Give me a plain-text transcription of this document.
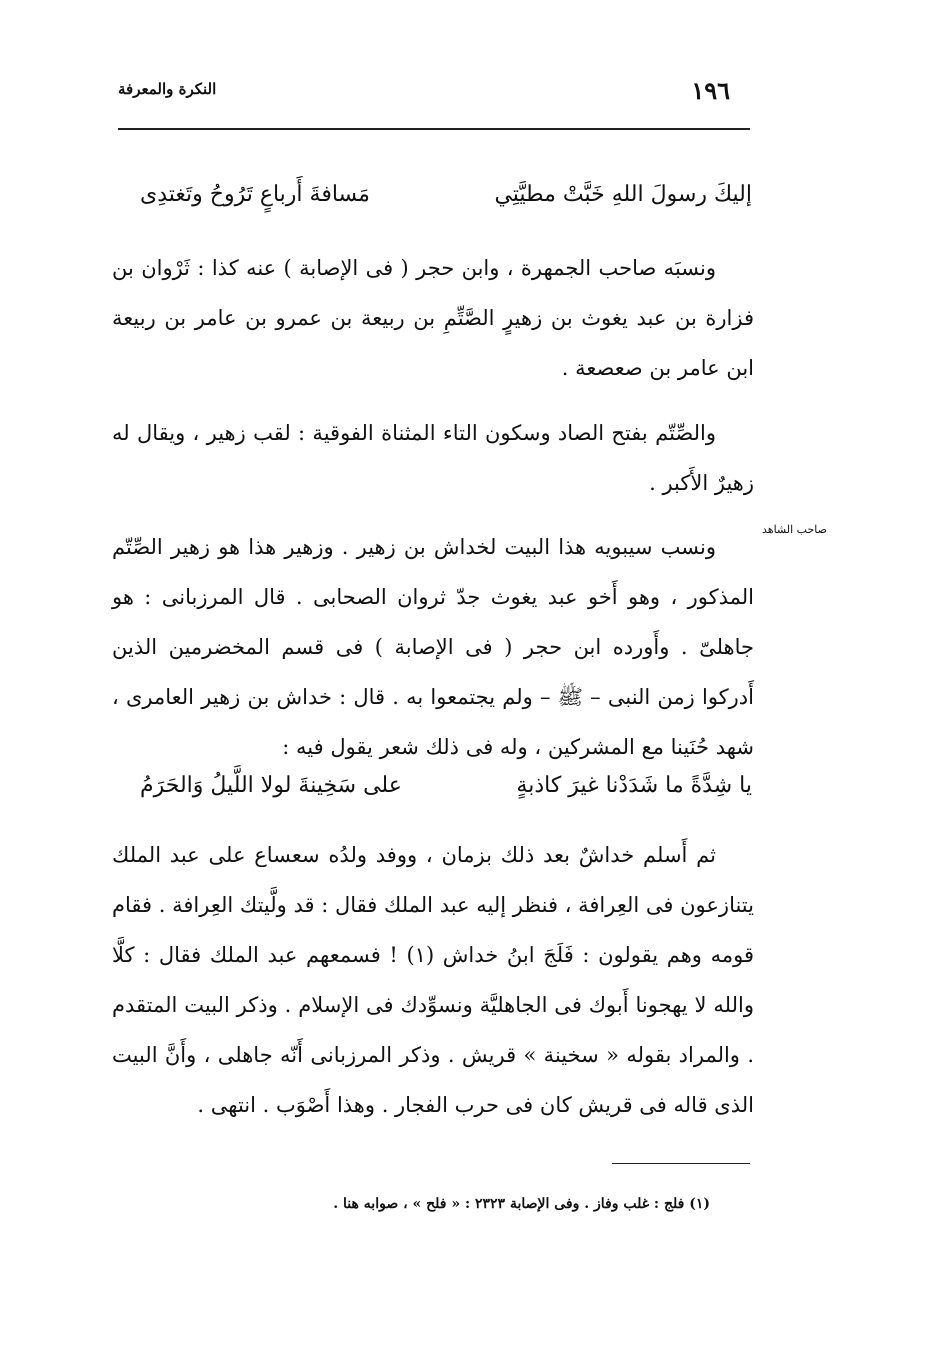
١٩٦
النكرة والمعرفة
إليكَ رسولَ اللهِ خَبَّتْ مطيَّتِي
مَسافةَ أَرباعٍ تَرُوحُ وتَغتدِى

ونسبَه صاحب الجمهرة ، وابن حجر ( فى الإصابة ) عنه كذا : ثَرْوان بن فزارة بن عبد يغوث بن زهيرٍ الصَّتِّمِ بن ربيعة بن عمرو بن عامر بن ربيعة ابن عامر بن صعصعة .

والصِّتّم بفتح الصاد وسكون التاء المثناة الفوقية : لقب زهير ، ويقال له زهيرٌ الأَكبر .

صاحب الشاهد

ونسب سيبويه هذا البيت لخداش بن زهير . وزهير هذا هو زهير الصِّتّم المذكور ، وهو أَخو عبد يغوث جدّ ثروان الصحابى . قال المرزبانى : هو جاهلىّ . وأَورده ابن حجر ( فى الإصابة ) فى قسم المخضرمين الذين أَدركوا زمن النبى – ﷺ – ولم يجتمعوا به . قال : خداش بن زهير العامرى ، شهد حُنَينا مع المشركين ، وله فى ذلك شعر يقول فيه :

يا شِدَّةً ما شَدَدْنا غيرَ كاذبةٍ
على سَخِينةَ لولا اللَّيلُ وَالحَرَمُ

ثم أَسلم خداشٌ بعد ذلك بزمان ، ووفد ولدُه سعساع على عبد الملك يتنازعون فى العِرافة ، فنظر إليه عبد الملك فقال : قد ولَّيتك العِرافة . فقام قومه وهم يقولون : فَلَجَ ابنُ خداش (١) ! فسمعهم عبد الملك فقال : كلَّا والله لا يهجونا أَبوك فى الجاهليَّة ونسوِّدك فى الإسلام . وذكر البيت المتقدم . والمراد بقوله « سخينة » قريش . وذكر المرزبانى أَنّه جاهلى ، وأَنَّ البيت الذى قاله فى قريش كان فى حرب الفجار . وهذا أَصْوَب . انتهى .

(١) فلج : غلب وفاز . وفى الإصابة ٢٣٢٣ : « فلح » ، صوابه هنا .
